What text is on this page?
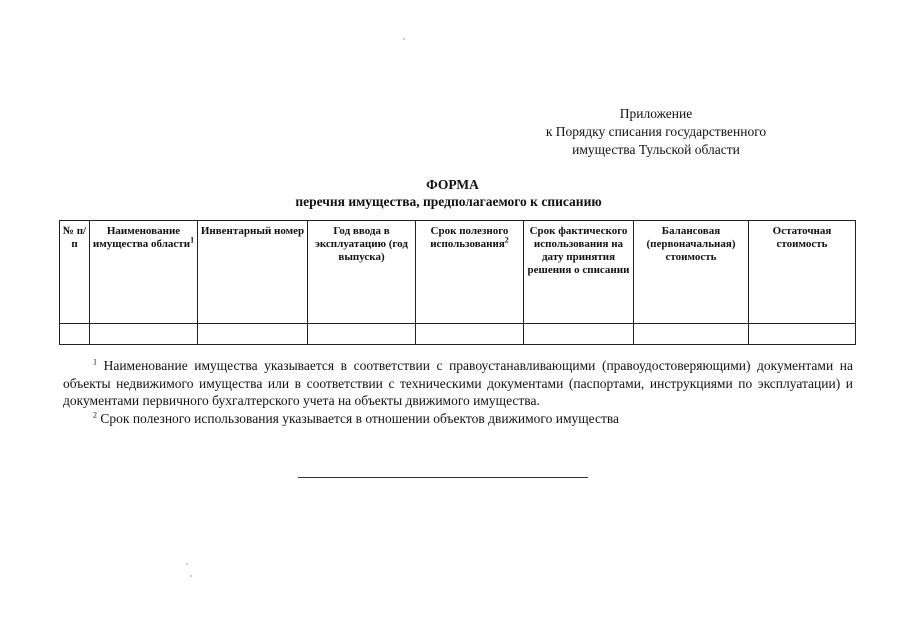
Приложение
к Порядку списания государственного
имущества Тульской области
ФОРМА
перечня имущества, предполагаемого к списанию
№ п/п	Наименование имущества области$^1$	Инвентарный номер	Год ввода в эксплуатацию (год выпуска)	Срок полезного использования$^2$	Срок фактического использования на дату принятия решения о списании	Балансовая (первоначальная) стоимость	Остаточная стоимость

$^1$ Наименование имущества указывается в соответствии с правоустанавливающими (правоудостоверяющими) документами на объекты недвижимого имущества или в соответствии с техническими документами (паспортами, инструкциями по эксплуатации) и документами первичного бухгалтерского учета на объекты движимого имущества.

$^2$ Срок полезного использования указывается в отношении объектов движимого имущества
